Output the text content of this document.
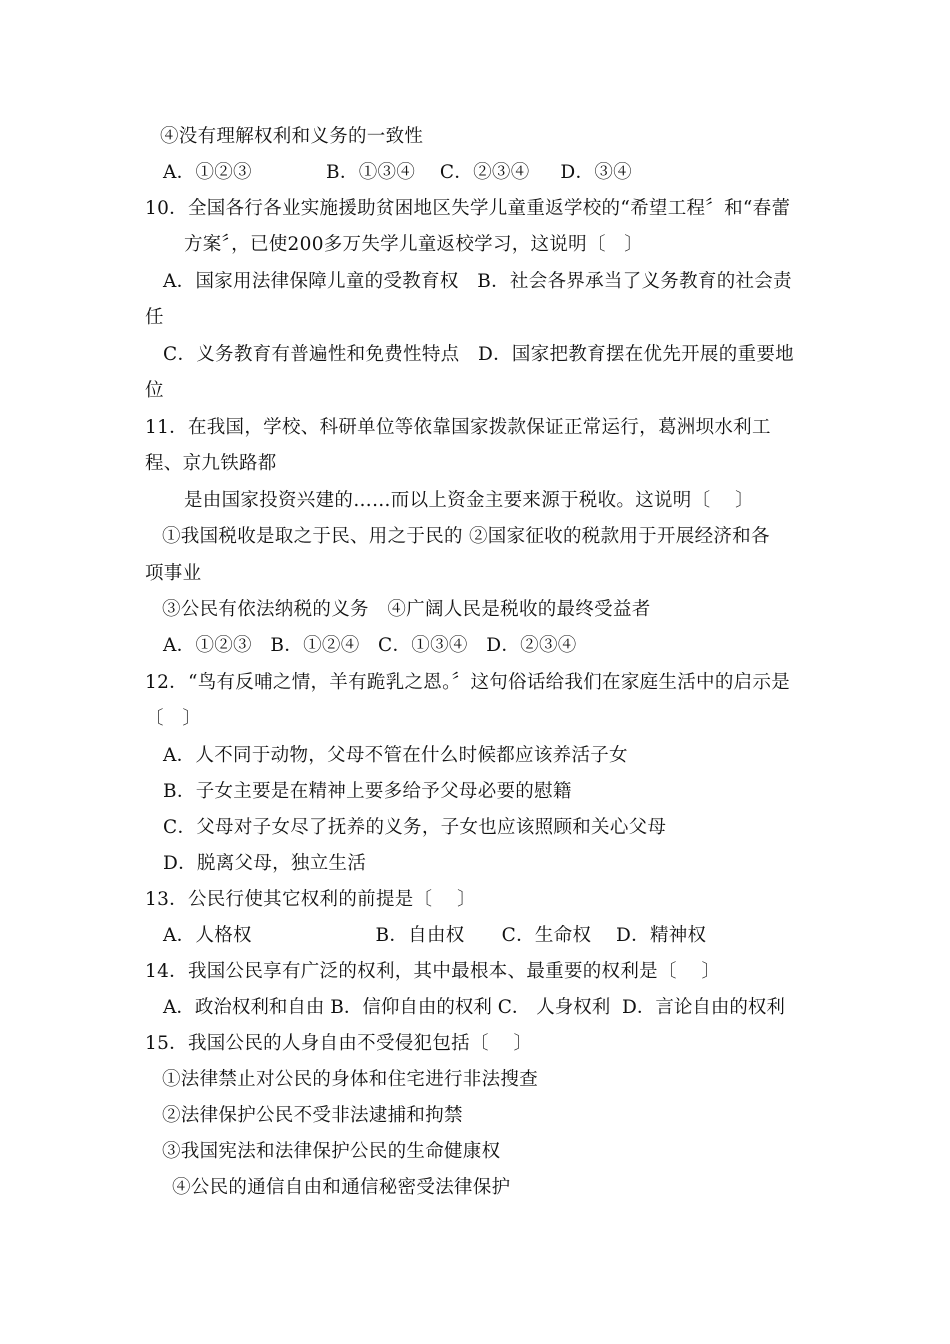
④没有理解权利和义务的一致性
A．①②③            B．①③④    C．②③④     D．③④
10．全国各行各业实施援助贫困地区失学儿童重返学校的“希望工程〞和“春蕾
方案〞，已使200多万失学儿童返校学习，这说明〔   〕
A．国家用法律保障儿童的受教育权   B．社会各界承当了义务教育的社会责
任
C．义务教育有普遍性和免费性特点   D．国家把教育摆在优先开展的重要地
位
11．在我国，学校、科研单位等依靠国家拨款保证正常运行，葛洲坝水利工
程、京九铁路都
是由国家投资兴建的……而以上资金主要来源于税收。这说明〔    〕
①我国税收是取之于民、用之于民的 ②国家征收的税款用于开展经济和各
项事业
③公民有依法纳税的义务   ④广阔人民是税收的最终受益者
A．①②③   B．①②④   C．①③④   D．②③④
12．“鸟有反哺之情，羊有跪乳之恩。〞这句俗话给我们在家庭生活中的启示是
〔   〕
A．人不同于动物，父母不管在什么时候都应该养活子女
B．子女主要是在精神上要多给予父母必要的慰籍
C．父母对子女尽了抚养的义务，子女也应该照顾和关心父母
D．脱离父母，独立生活
13．公民行使其它权利的前提是〔    〕
A．人格权                    B．自由权      C．生命权    D．精神权
14．我国公民享有广泛的权利，其中最根本、最重要的权利是〔    〕
A．政治权利和自由 B．信仰自由的权利 C． 人身权利  D．言论自由的权利
15．我国公民的人身自由不受侵犯包括〔    〕
①法律禁止对公民的身体和住宅进行非法搜查
②法律保护公民不受非法逮捕和拘禁
③我国宪法和法律保护公民的生命健康权
④公民的通信自由和通信秘密受法律保护
